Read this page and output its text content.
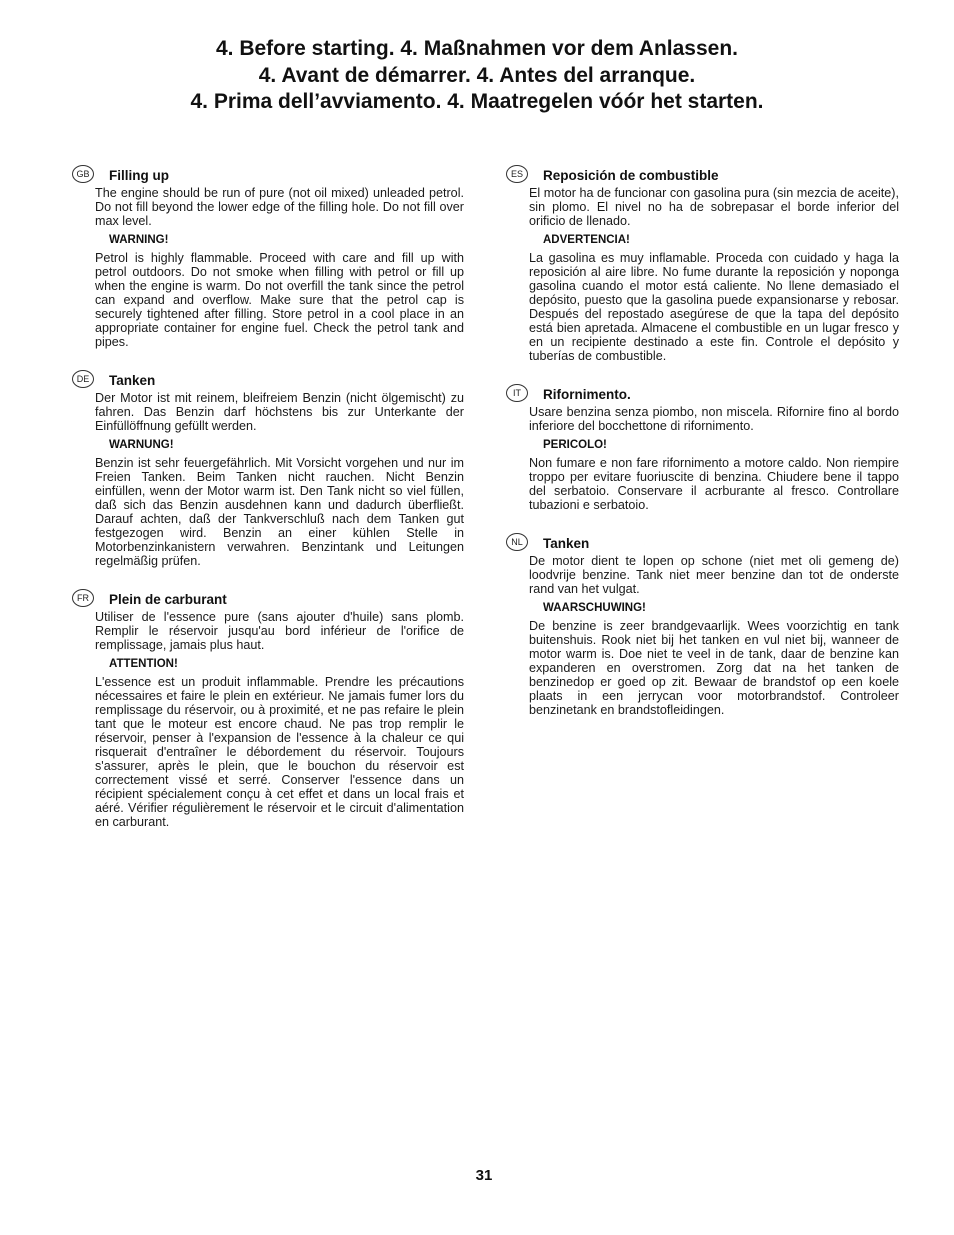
4. Before starting. 4. Maßnahmen vor dem Anlassen.
4. Avant de démarrer. 4. Antes del arranque.
4. Prima dell’avviamento. 4. Maatregelen vóór het starten.
GB	Filling up

The engine should be run of pure (not oil mixed) unleaded petrol. Do not fill beyond the lower edge of the filling hole. Do not fill over max level.

WARNING!

Petrol is highly flammable. Proceed with care and fill up with petrol outdoors. Do not smoke when filling with petrol or fill up when the engine is warm. Do not overfill the tank since the petrol can expand and overflow. Make sure that the petrol cap is securely tightened after filling. Store petrol in a cool place in an appropriate container for engine fuel. Check the petrol tank and pipes.

DE	Tanken

Der Motor ist mit reinem, bleifreiem Benzin (nicht ölgemischt) zu fahren. Das Benzin darf höchstens bis zur Unterkante der Einfüllöffnung gefüllt werden.

WARNUNG!

Benzin ist sehr feuergefährlich. Mit Vorsicht vorgehen und nur im Freien Tanken. Beim Tanken nicht rauchen. Nicht Benzin einfüllen, wenn der Motor warm ist. Den Tank nicht so viel füllen, daß sich das Benzin ausdehnen kann und dadurch überfließt. Darauf achten, daß der Tankverschluß nach dem Tanken gut festgezogen wird. Benzin an einer kühlen Stelle in Motorbenzinkanistern verwahren. Benzintank und Leitungen regelmäßig prüfen.

FR	Plein de carburant

Utiliser de l'essence pure (sans ajouter d'huile) sans plomb. Remplir le réservoir jusqu'au bord inférieur de l'orifice de remplissage, jamais plus haut.

ATTENTION!

L'essence est un produit inflammable. Prendre les précautions nécessaires et faire le plein en extérieur. Ne jamais fumer lors du remplissage du réservoir, ou à proximité, et ne pas refaire le plein tant que le moteur est encore chaud. Ne pas trop remplir le réservoir, penser à l'expansion de l'essence à la chaleur ce qui risquerait d'entraîner le débordement du réservoir. Toujours s'assurer, après le plein, que le bouchon du réservoir est correctement vissé et serré. Conserver l'essence dans un récipient spécialement conçu à cet effet et dans un local frais et aéré. Vérifier régulièrement le réservoir et le circuit d'alimentation en carburant.

ES	Reposición de combustible

El motor ha de funcionar con gasolina pura (sin mezcia de aceite), sin plomo. El nivel no ha de sobrepasar el borde inferior del orificio de llenado.

ADVERTENCIA!

La gasolina es muy inflamable. Proceda con cuidado y haga la reposición al aire libre. No fume durante la reposición y noponga gasolina cuando el motor está caliente. No llene demasiado el depósito, puesto que la gasolina puede expansionarse y rebosar. Después del repostado asegúrese de que la tapa del depósito está bien apretada. Almacene el combustible en un lugar fresco y en un recipiente destinado a este fin. Controle el depósito y tuberías de combustible.

IT	Rifornimento.

Usare benzina senza piombo, non miscela. Rifornire fino al bordo inferiore del bocchettone di rifornimento.

PERICOLO!

Non fumare e non fare rifornimento a motore caldo. Non riempire troppo per evitare fuoriuscite di benzina. Chiudere bene il tappo del serbatoio. Conservare il acrburante al fresco. Controllare tubazioni e serbatoio.

NL	Tanken

De motor dient te lopen op schone (niet met oli gemeng de) loodvrije benzine. Tank niet meer benzine dan tot de onderste rand van het vulgat.

WAARSCHUWING!

De benzine is zeer brandgevaarlijk. Wees voorzichtig en tank buitenshuis. Rook niet bij het tanken en vul niet bij, wanneer de motor warm is. Doe niet te veel in de tank, daar de benzine kan expanderen en overstromen. Zorg dat na het tanken de benzinedop er goed op zit. Bewaar de brandstof op een koele plaats in een jerrycan voor motorbrandstof. Controleer benzinetank en brandstofleidingen.

31
